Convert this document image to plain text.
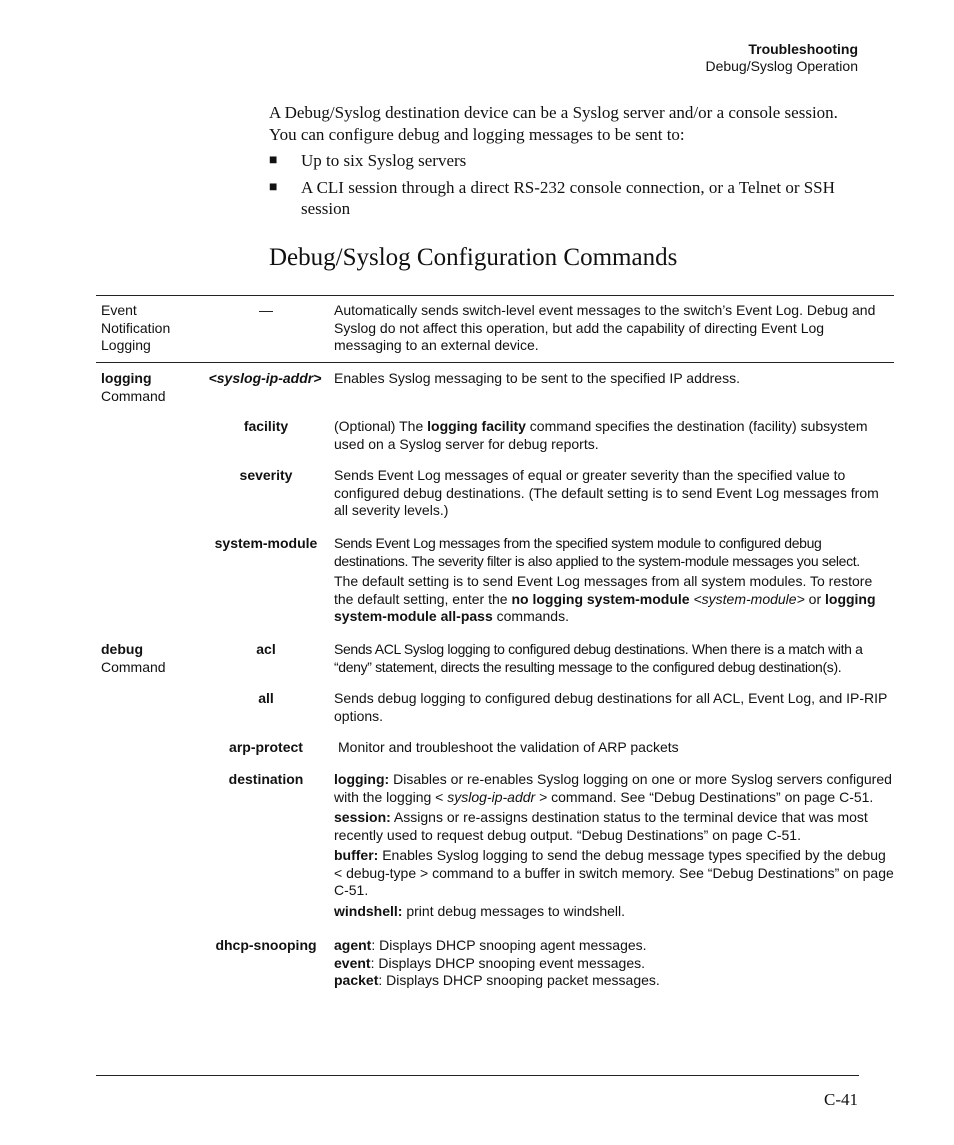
Troubleshooting
Debug/Syslog Operation

A Debug/Syslog destination device can be a Syslog server and/or a console session. You can configure debug and logging messages to be sent to:

■ Up to six Syslog servers
■ A CLI session through a direct RS-232 console connection, or a Telnet or SSH session
Debug/Syslog Configuration Commands
Event
Notification
Logging
—	Automatically sends switch-level event messages to the switch’s Event Log. Debug and Syslog do not affect this operation, but add the capability of directing Event Log messaging to an external device.
logging
Command
<syslog-ip-addr> Enables Syslog messaging to be sent to the specified IP address.
facility	(Optional) The logging facility command specifies the destination (facility) subsystem used on a Syslog server for debug reports.
severity	Sends Event Log messages of equal or greater severity than the specified value to configured debug destinations. (The default setting is to send Event Log messages from all severity levels.)
system-module	Sends Event Log messages from the specified system module to configured debug destinations. The severity filter is also applied to the system-module messages you select.

The default setting is to send Event Log messages from all system modules. To restore the default setting, enter the no logging system-module <system-module> or logging system-module all-pass commands.

debug
Command
acl	Sends ACL Syslog logging to configured debug destinations. When there is a match with a “deny” statement, directs the resulting message to the configured debug destination(s).
all	Sends debug logging to configured debug destinations for all ACL, Event Log, and IP-RIP options.
arp-protect	Monitor and troubleshoot the validation of ARP packets
destination	logging: Disables or re-enables Syslog logging on one or more Syslog servers configured with the logging < syslog-ip-addr > command. See “Debug Destinations” on page C-51.

session: Assigns or re-assigns destination status to the terminal device that was most recently used to request debug output. “Debug Destinations” on page C-51.

buffer: Enables Syslog logging to send the debug message types specified by the debug < debug-type > command to a buffer in switch memory. See “Debug Destinations” on page C-51.

windshell: print debug messages to windshell.

dhcp-snooping	agent: Displays DHCP snooping agent messages.
event: Displays DHCP snooping event messages.
packet: Displays DHCP snooping packet messages.
C-41
